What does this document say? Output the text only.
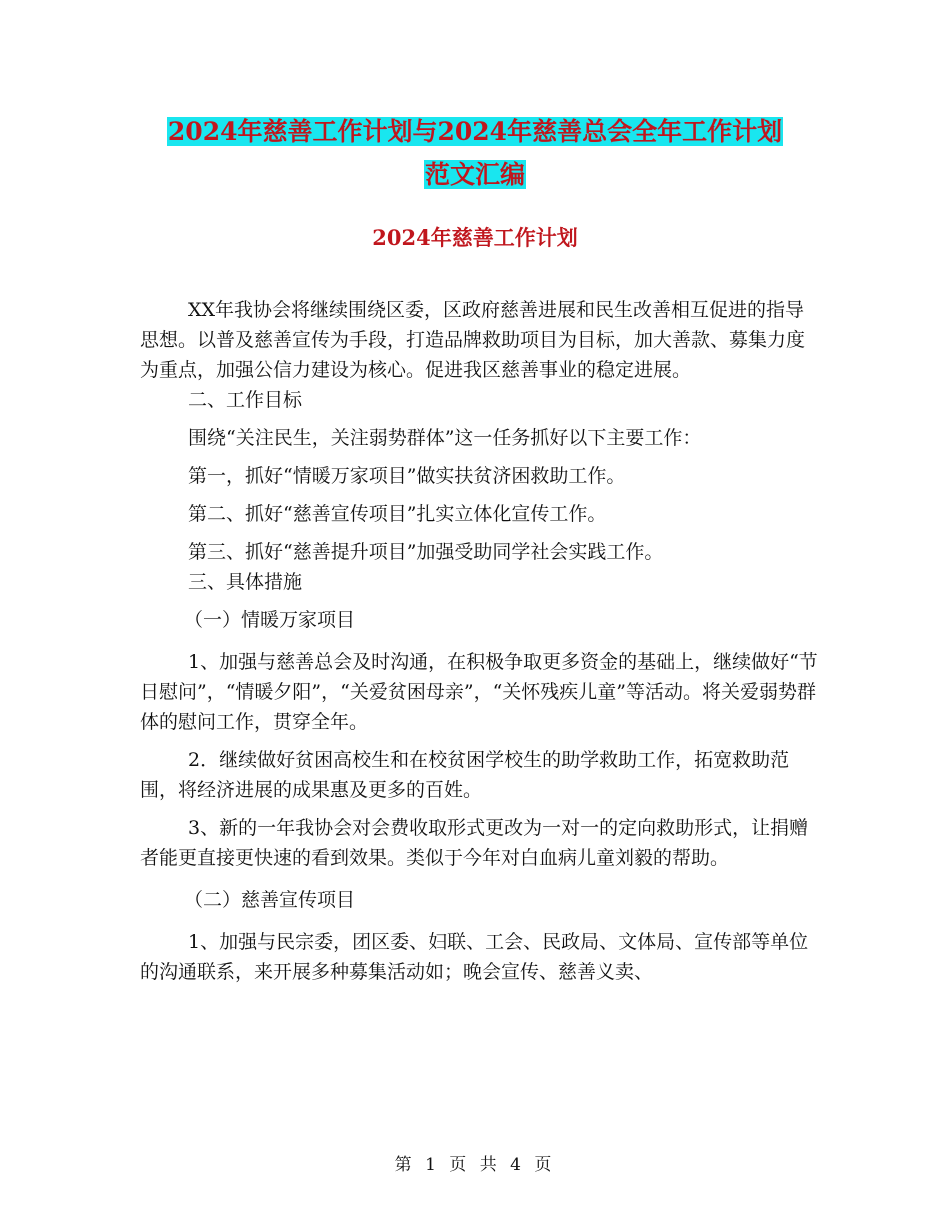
2024年慈善工作计划与2024年慈善总会全年工作计划
范文汇编
2024年慈善工作计划

XX年我协会将继续围绕区委，区政府慈善进展和民生改善相互促进的指导思想。以普及慈善宣传为手段，打造品牌救助项目为目标，加大善款、募集力度为重点，加强公信力建设为核心。促进我区慈善事业的稳定进展。

二、工作目标

围绕“关注民生，关注弱势群体”这一任务抓好以下主要工作：

第一，抓好“情暖万家项目”做实扶贫济困救助工作。

第二、抓好“慈善宣传项目”扎实立体化宣传工作。

第三、抓好“慈善提升项目”加强受助同学社会实践工作。

三、具体措施

（一）情暖万家项目

1、加强与慈善总会及时沟通，在积极争取更多资金的基础上，继续做好“节日慰问”，“情暖夕阳”，“关爱贫困母亲”，“关怀残疾儿童”等活动。将关爱弱势群体的慰问工作，贯穿全年。

2．继续做好贫困高校生和在校贫困学校生的助学救助工作，拓宽救助范围，将经济进展的成果惠及更多的百姓。

3、新的一年我协会对会费收取形式更改为一对一的定向救助形式，让捐赠者能更直接更快速的看到效果。类似于今年对白血病儿童刘毅的帮助。

（二）慈善宣传项目

1、加强与民宗委，团区委、妇联、工会、民政局、文体局、宣传部等单位的沟通联系，来开展多种募集活动如；晚会宣传、慈善义卖、

第 1 页 共 4 页
